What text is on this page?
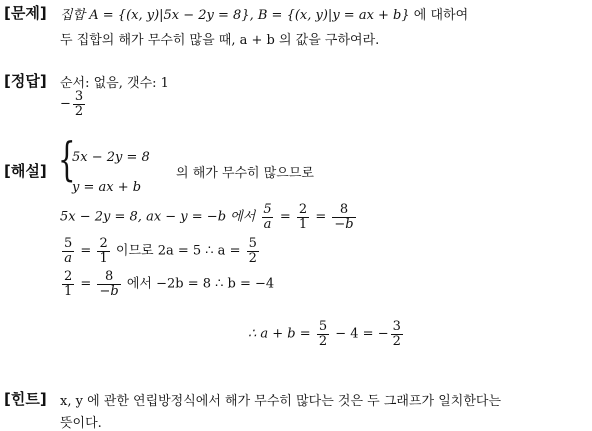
[문제] 집합 A = {(x, y)|5x − 2y = 8}, B = {(x, y)|y = ax + b} 에 대하여
두 집합의 해가 무수히 많을 때, a + b 의 값을 구하여라.
[정답] 순서: 없음, 갯수: 1
− $\frac{3}{2}$
[해설] {
5x − 2y = 8
y = ax + b
의 해가 무수히 많으므로
5x − 2y = 8, ax − y = −b 에서 $\frac{5}{a} = \frac{2}{1} = \frac{8}{-b}$
$\frac{5}{a} = \frac{2}{1}$ 이므로 2a = 5 ∴ $a = \frac{5}{2}$
$\frac{2}{1} = \frac{8}{-b}$ 에서 −2b = 8 ∴ b = −4
∴ $a + b = \frac{5}{2} - 4$ = − $\frac{3}{2}$
[힌트] x, y 에 관한 연립방정식에서 해가 무수히 많다는 것은 두 그래프가 일치한다는
뜻이다.
